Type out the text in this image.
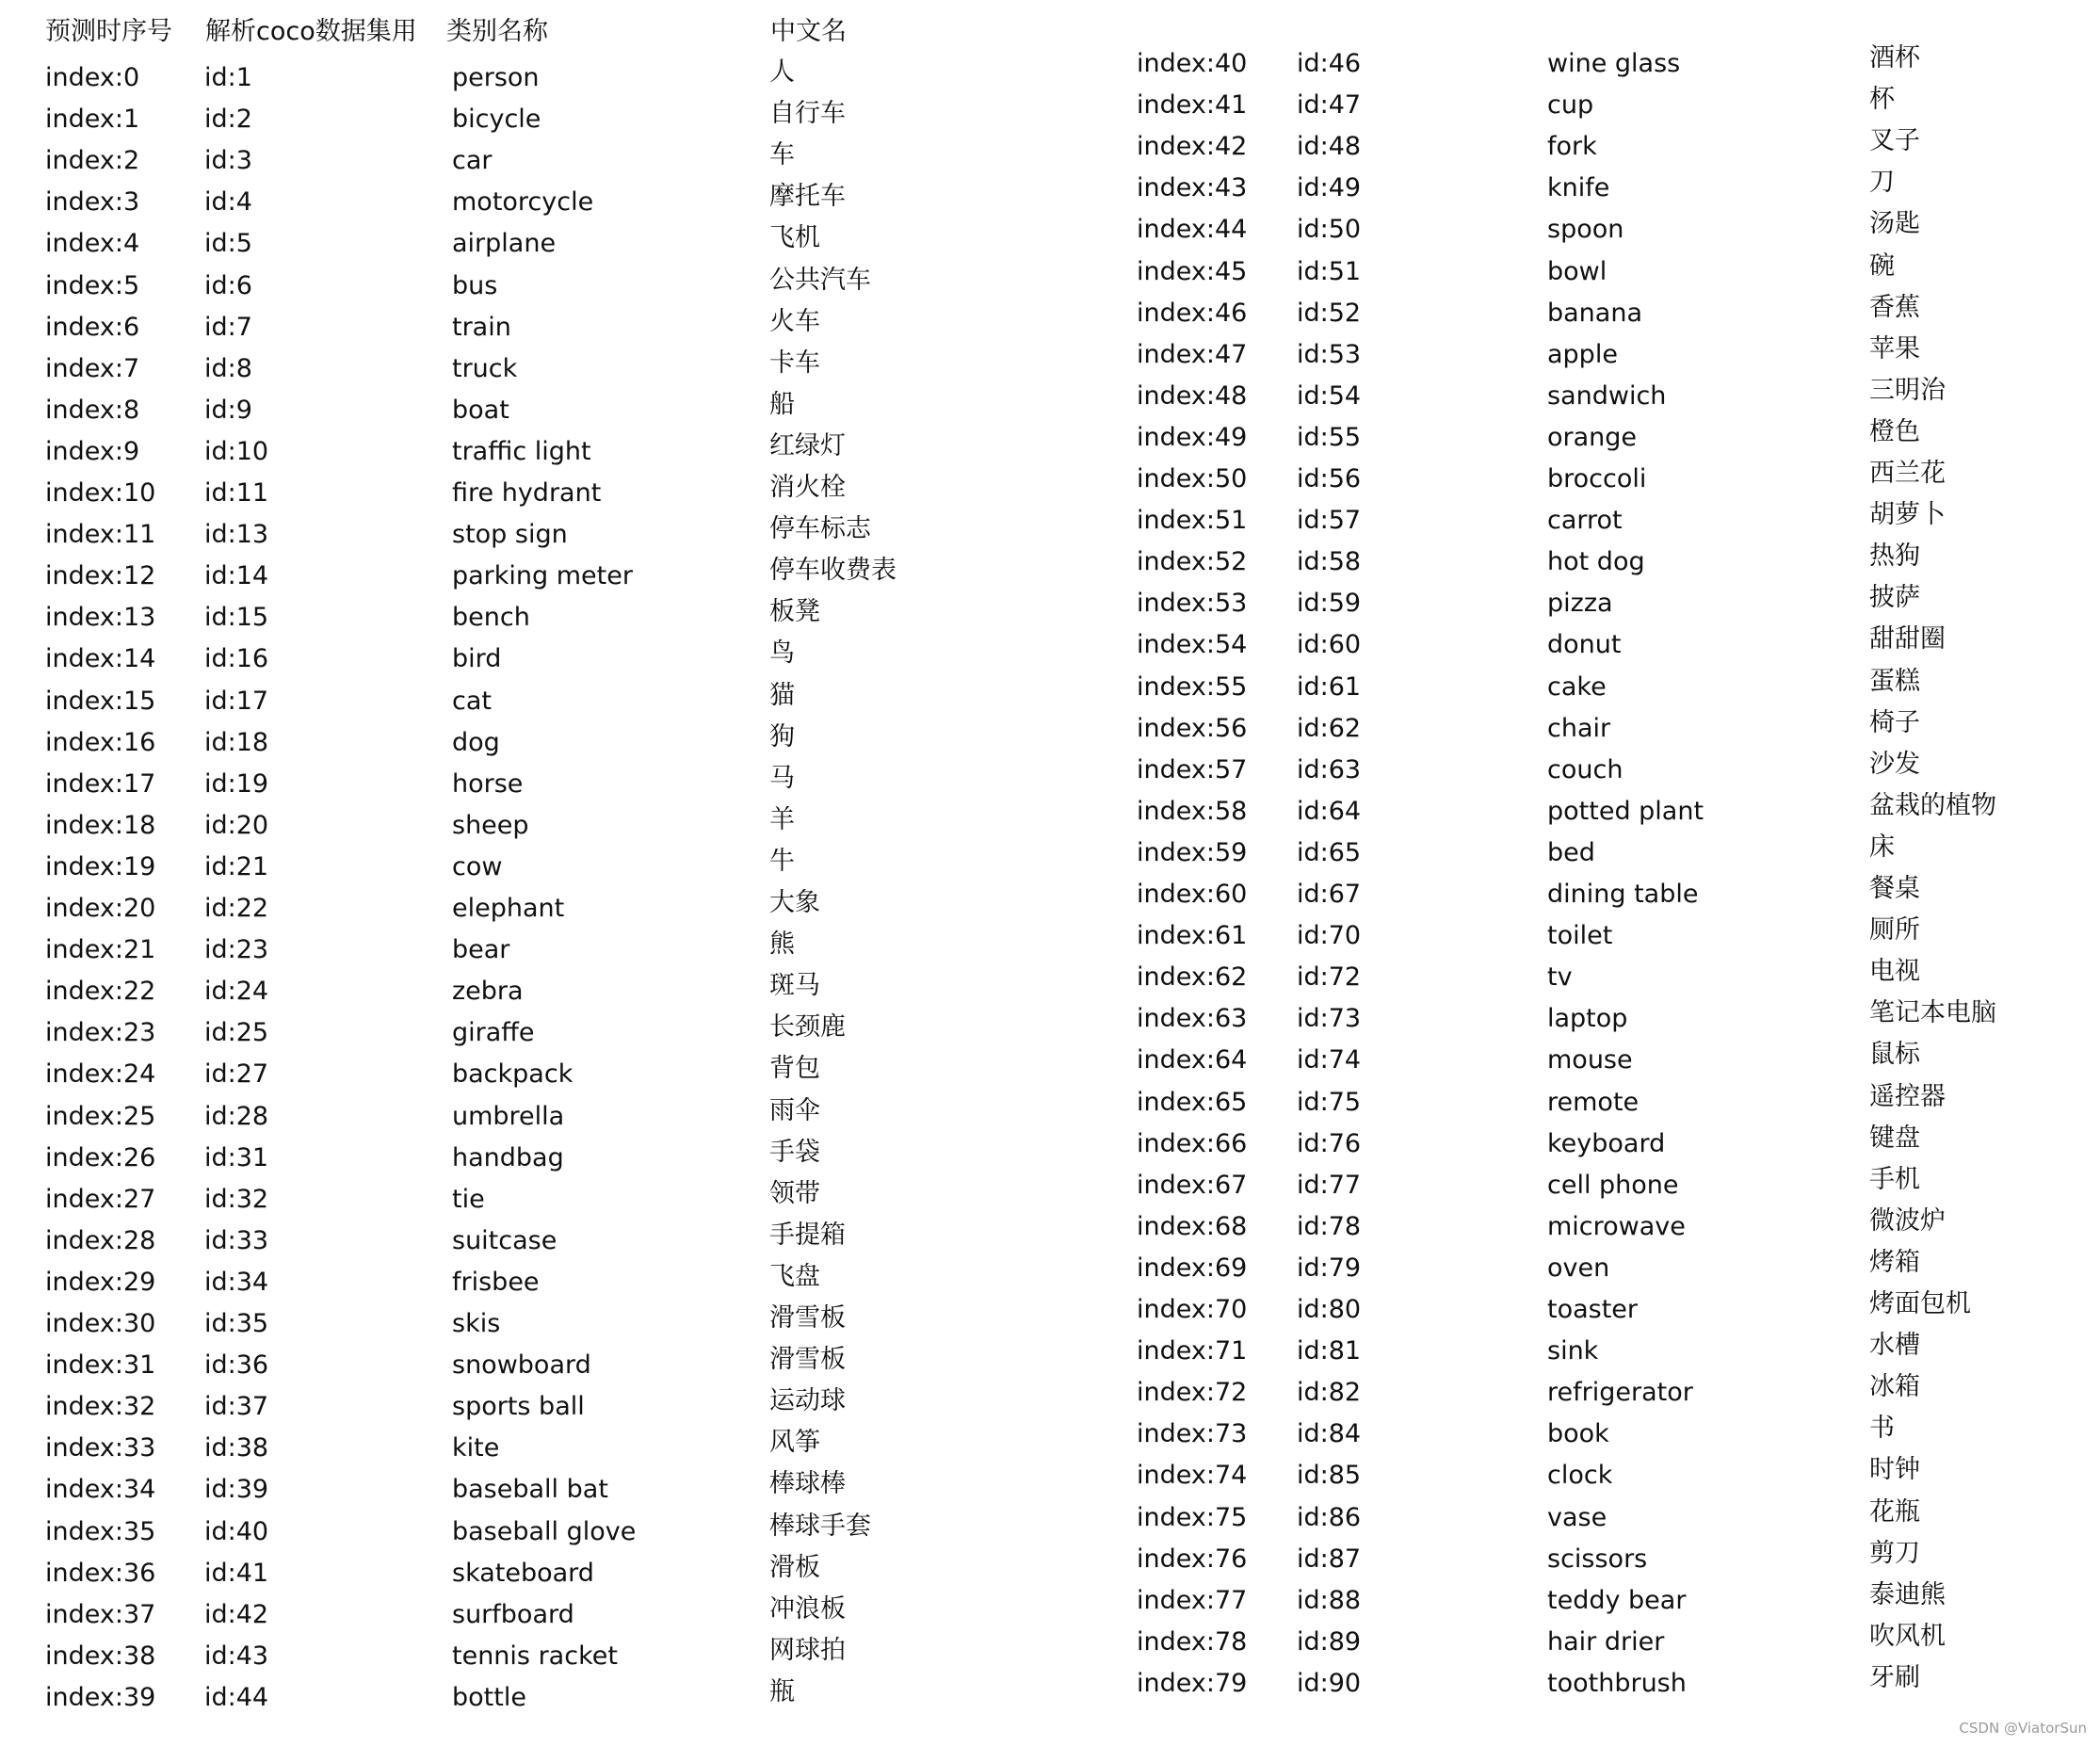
预测时序号 解析coco数据集用 类别名称	中文名
index:0	id:1	person	人
index:1	id:2	bicycle	自行车
index:2	id:3	car	车
index:3	id:4	motorcycle	摩托车
index:4	id:5	airplane	飞机
index:5	id:6	bus	公共汽车
index:6	id:7	train	火车
index:7	id:8	truck	卡车
index:8	id:9	boat	船
index:9	id:10	traffic light	红绿灯
index:10 id:11	fire hydrant	消火栓
index:11 id:13	stop sign	停车标志
index:12 id:14	parking meter	停车收费表
index:13 id:15	bench	板凳
index:14 id:16	bird	鸟
index:15 id:17	cat	猫
index:16 id:18	dog	狗
index:17 id:19	horse	马
index:18 id:20	sheep	羊
index:19 id:21	cow	牛
index:20 id:22	elephant	大象
index:21 id:23	bear	熊
index:22 id:24	zebra	斑马
index:23 id:25	giraffe	长颈鹿
index:24 id:27	backpack	背包
index:25 id:28	umbrella	雨伞
index:26 id:31	handbag	手袋
index:27 id:32	tie	领带
index:28 id:33	suitcase	手提箱
index:29 id:34	frisbee	飞盘
index:30 id:35	skis	滑雪板
index:31 id:36	snowboard	滑雪板
index:32 id:37	sports ball	运动球
index:33 id:38	kite	风筝
index:34 id:39	baseball bat	棒球棒
index:35 id:40	baseball glove	棒球手套
index:36 id:41	skateboard	滑板
index:37 id:42	surfboard	冲浪板
index:38 id:43	tennis racket	网球拍
index:39 id:44	bottle	瓶
index:40 id:46	wine glass	酒杯
index:41 id:47	cup	杯
index:42 id:48	fork	叉子
index:43 id:49	knife	刀
index:44 id:50	spoon	汤匙
index:45 id:51	bowl	碗
index:46 id:52	banana	香蕉
index:47 id:53	apple	苹果
index:48 id:54	sandwich	三明治
index:49 id:55	orange	橙色
index:50 id:56	broccoli	西兰花
index:51 id:57	carrot	胡萝卜
index:52 id:58	hot dog	热狗
index:53 id:59	pizza	披萨
index:54 id:60	donut	甜甜圈
index:55 id:61	cake	蛋糕
index:56 id:62	chair	椅子
index:57 id:63	couch	沙发
index:58 id:64	potted plant	盆栽的植物
index:59 id:65	bed	床
index:60 id:67	dining table	餐桌
index:61 id:70	toilet	厕所
index:62 id:72	tv	电视
index:63 id:73	laptop	笔记本电脑
index:64 id:74	mouse	鼠标
index:65 id:75	remote	遥控器
index:66 id:76	keyboard	键盘
index:67 id:77	cell phone	手机
index:68 id:78	microwave	微波炉
index:69 id:79	oven	烤箱
index:70 id:80	toaster	烤面包机
index:71 id:81	sink	水槽
index:72 id:82	refrigerator	冰箱
index:73 id:84	book	书
index:74 id:85	clock	时钟
index:75 id:86	vase	花瓶
index:76 id:87	scissors	剪刀
index:77 id:88	teddy bear	泰迪熊
index:78 id:89	hair drier	吹风机
index:79 id:90	toothbrush	牙刷
CSDN @ViatorSun
